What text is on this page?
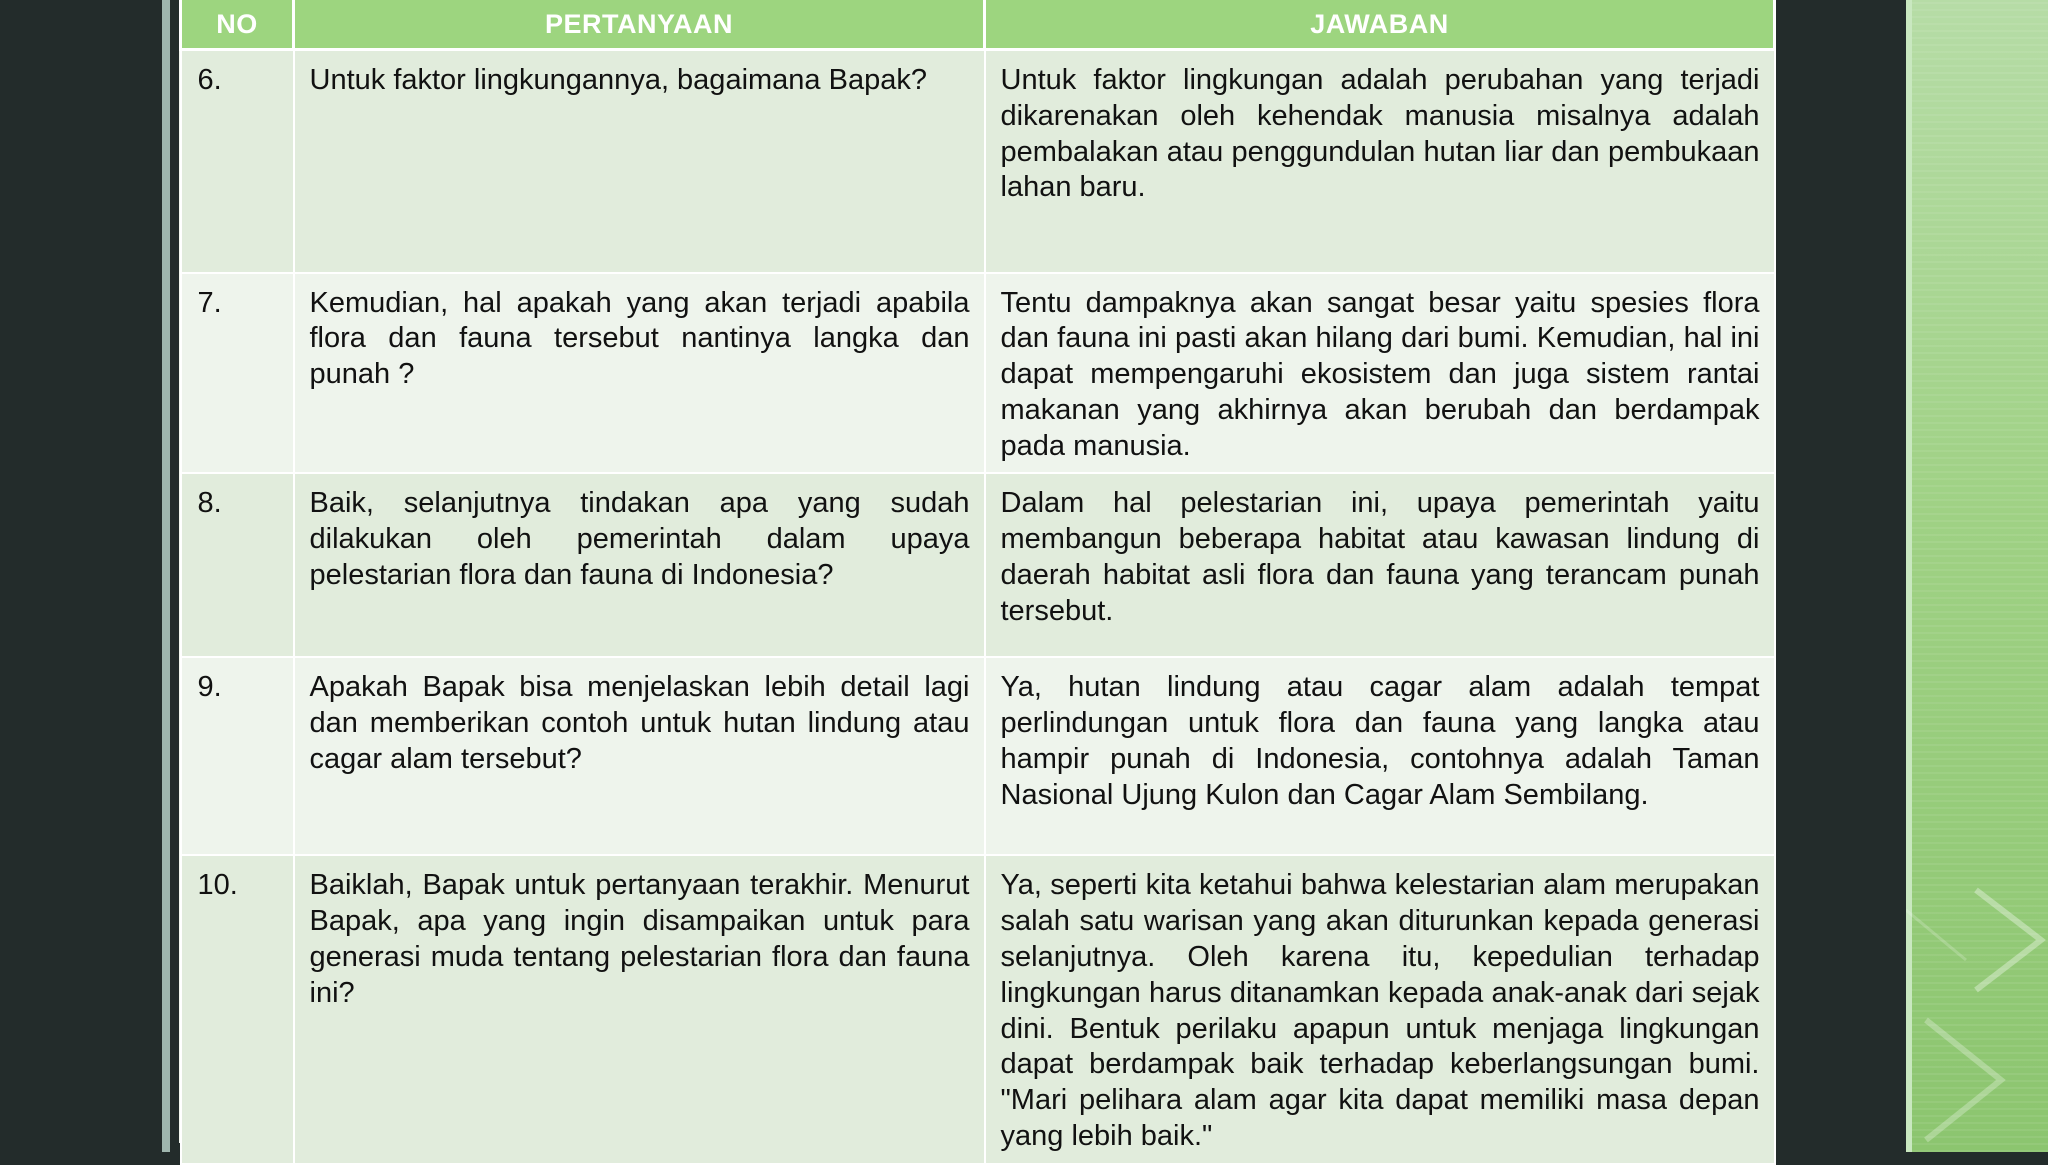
NO	PERTANYAAN	JAWABAN
6.	Untuk faktor lingkungannya, bagaimana Bapak?	Untuk faktor lingkungan adalah perubahan yang terjadi dikarenakan oleh kehendak manusia misalnya adalah pembalakan atau penggundulan hutan liar dan pembukaan lahan baru.
7.	Kemudian, hal apakah yang akan terjadi apabila flora dan fauna tersebut nantinya langka dan punah ?	Tentu dampaknya akan sangat besar yaitu spesies flora dan fauna ini pasti akan hilang dari bumi. Kemudian, hal ini dapat mempengaruhi ekosistem dan juga sistem rantai makanan yang akhirnya akan berubah dan berdampak pada manusia.
8.	Baik, selanjutnya tindakan apa yang sudah dilakukan oleh pemerintah dalam upaya pelestarian flora dan fauna di Indonesia?	Dalam hal pelestarian ini, upaya pemerintah yaitu membangun beberapa habitat atau kawasan lindung di daerah habitat asli flora dan fauna yang terancam punah tersebut.
9.	Apakah Bapak bisa menjelaskan lebih detail lagi dan memberikan contoh untuk hutan lindung atau cagar alam tersebut?	Ya, hutan lindung atau cagar alam adalah tempat perlindungan untuk flora dan fauna yang langka atau hampir punah di Indonesia, contohnya adalah Taman Nasional Ujung Kulon dan Cagar Alam Sembilang.
10.	Baiklah, Bapak untuk pertanyaan terakhir. Menurut Bapak, apa yang ingin disampaikan untuk para generasi muda tentang pelestarian flora dan fauna ini?	Ya, seperti kita ketahui bahwa kelestarian alam merupakan salah satu warisan yang akan diturunkan kepada generasi selanjutnya. Oleh karena itu, kepedulian terhadap lingkungan harus ditanamkan kepada anak-anak dari sejak dini. Bentuk perilaku apapun untuk menjaga lingkungan dapat berdampak baik terhadap keberlangsungan bumi. "Mari pelihara alam agar kita dapat memiliki masa depan yang lebih baik."
